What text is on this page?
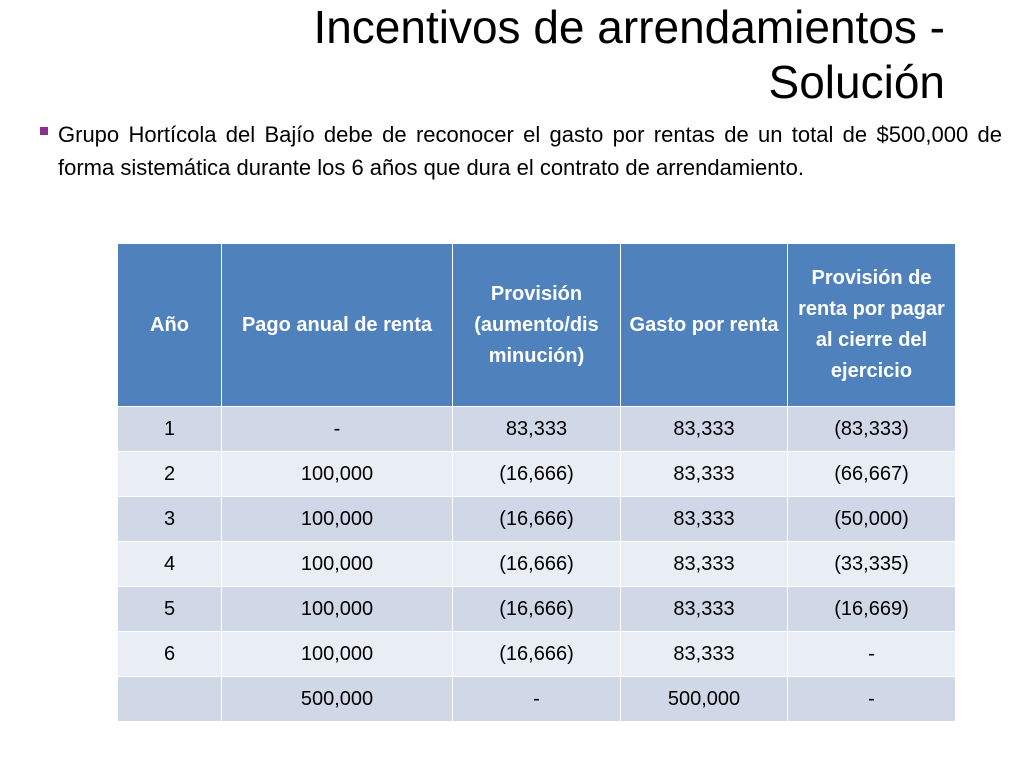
Incentivos de arrendamientos -
Solución

Grupo Hortícola del Bajío debe de reconocer el gasto por rentas de un total de $500,000 de forma sistemática durante los 6 años que dura el contrato de arrendamiento.

Año	Pago anual de renta	Provisión (aumento/dis minución)	Gasto por renta	Provisión de renta por pagar al cierre del ejercicio
1	-	83,333	83,333	(83,333)
2	100,000	(16,666)	83,333	(66,667)
3	100,000	(16,666)	83,333	(50,000)
4	100,000	(16,666)	83,333	(33,335)
5	100,000	(16,666)	83,333	(16,669)
6	100,000	(16,666)	83,333	-
	500,000	-	500,000	-
